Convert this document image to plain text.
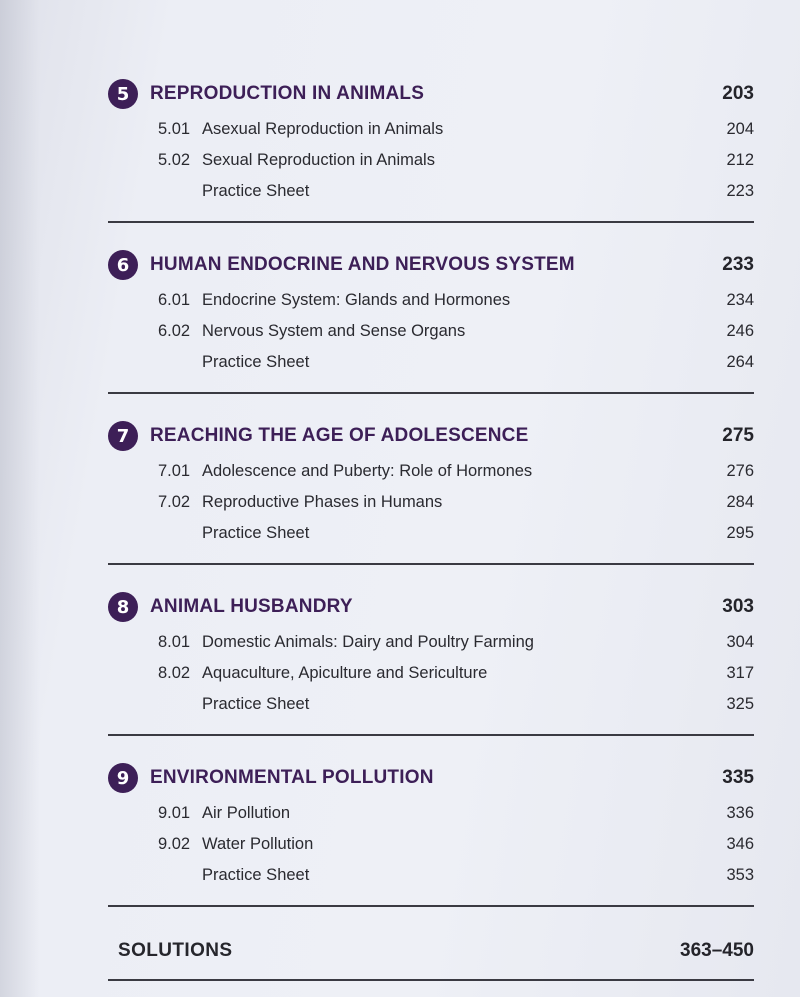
5	REPRODUCTION IN ANIMALS	203
5.01 Asexual Reproduction in Animals	204
5.02 Sexual Reproduction in Animals	212
Practice Sheet	223
6	HUMAN ENDOCRINE AND NERVOUS SYSTEM	233
6.01 Endocrine System: Glands and Hormones	234
6.02 Nervous System and Sense Organs	246
Practice Sheet	264
7	REACHING THE AGE OF ADOLESCENCE	275
7.01 Adolescence and Puberty: Role of Hormones	276
7.02 Reproductive Phases in Humans	284
Practice Sheet	295
8	ANIMAL HUSBANDRY	303
8.01 Domestic Animals: Dairy and Poultry Farming	304
8.02 Aquaculture, Apiculture and Sericulture	317
Practice Sheet	325
9	ENVIRONMENTAL POLLUTION	335
9.01 Air Pollution	336
9.02 Water Pollution	346
Practice Sheet	353
SOLUTIONS	363–450
